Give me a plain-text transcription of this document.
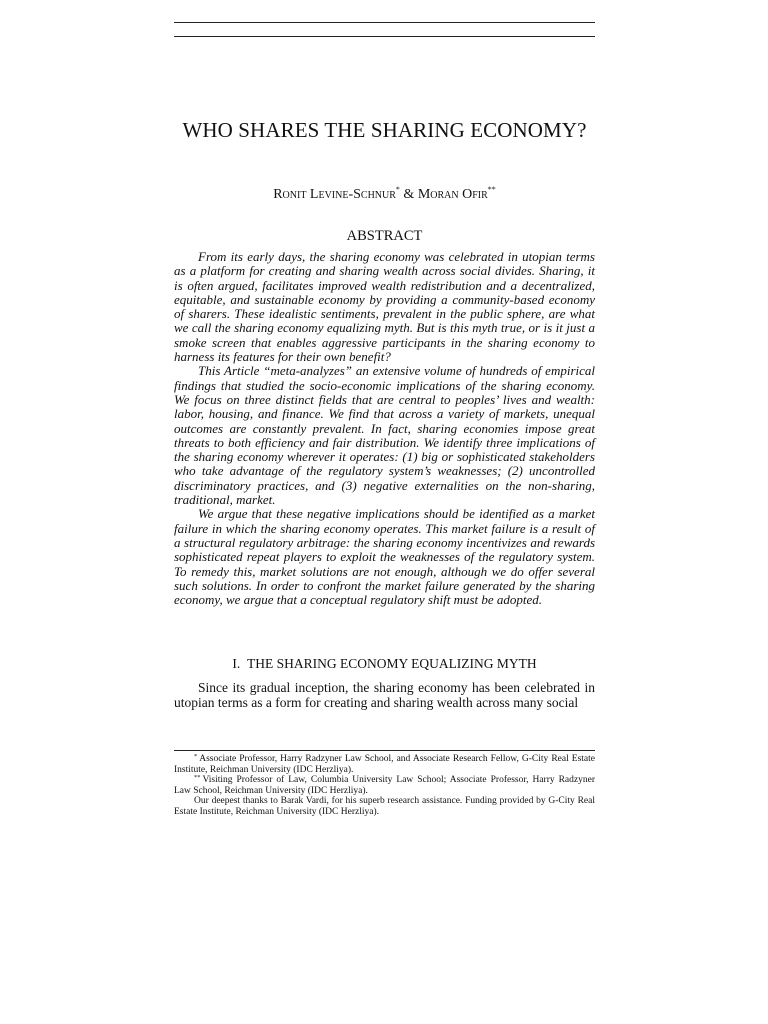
WHO SHARES THE SHARING ECONOMY?
Ronit Levine-Schnur* & Moran Ofir**
ABSTRACT

From its early days, the sharing economy was celebrated in utopian terms as a platform for creating and sharing wealth across social divides. Sharing, it is often argued, facilitates improved wealth redistribution and a decentralized, equitable, and sustainable economy by providing a community-based economy of sharers. These idealistic sentiments, prevalent in the public sphere, are what we call the sharing economy equalizing myth. But is this myth true, or is it just a smoke screen that enables aggressive participants in the sharing economy to harness its features for their own benefit?

This Article “meta-analyzes” an extensive volume of hundreds of empirical findings that studied the socio-economic implications of the sharing economy. We focus on three distinct fields that are central to peoples’ lives and wealth: labor, housing, and finance. We find that across a variety of markets, unequal outcomes are constantly prevalent. In fact, sharing economies impose great threats to both efficiency and fair distribution. We identify three implications of the sharing economy wherever it operates: (1) big or sophisticated stakeholders who take advantage of the regulatory system’s weaknesses; (2) uncontrolled discriminatory practices, and (3) negative externalities on the non-sharing, traditional, market.

We argue that these negative implications should be identified as a market failure in which the sharing economy operates. This market failure is a result of a structural regulatory arbitrage: the sharing economy incentivizes and rewards sophisticated repeat players to exploit the weaknesses of the regulatory system. To remedy this, market solutions are not enough, although we do offer several such solutions. In order to confront the market failure generated by the sharing economy, we argue that a conceptual regulatory shift must be adopted.

I.  THE SHARING ECONOMY EQUALIZING MYTH

Since its gradual inception, the sharing economy has been celebrated in utopian terms as a form for creating and sharing wealth across many social

* Associate Professor, Harry Radzyner Law School, and Associate Research Fellow, G-City Real Estate Institute, Reichman University (IDC Herzliya).

** Visiting Professor of Law, Columbia University Law School; Associate Professor, Harry Radzyner Law School, Reichman University (IDC Herzliya).

Our deepest thanks to Barak Vardi, for his superb research assistance. Funding provided by G-City Real Estate Institute, Reichman University (IDC Herzliya).
